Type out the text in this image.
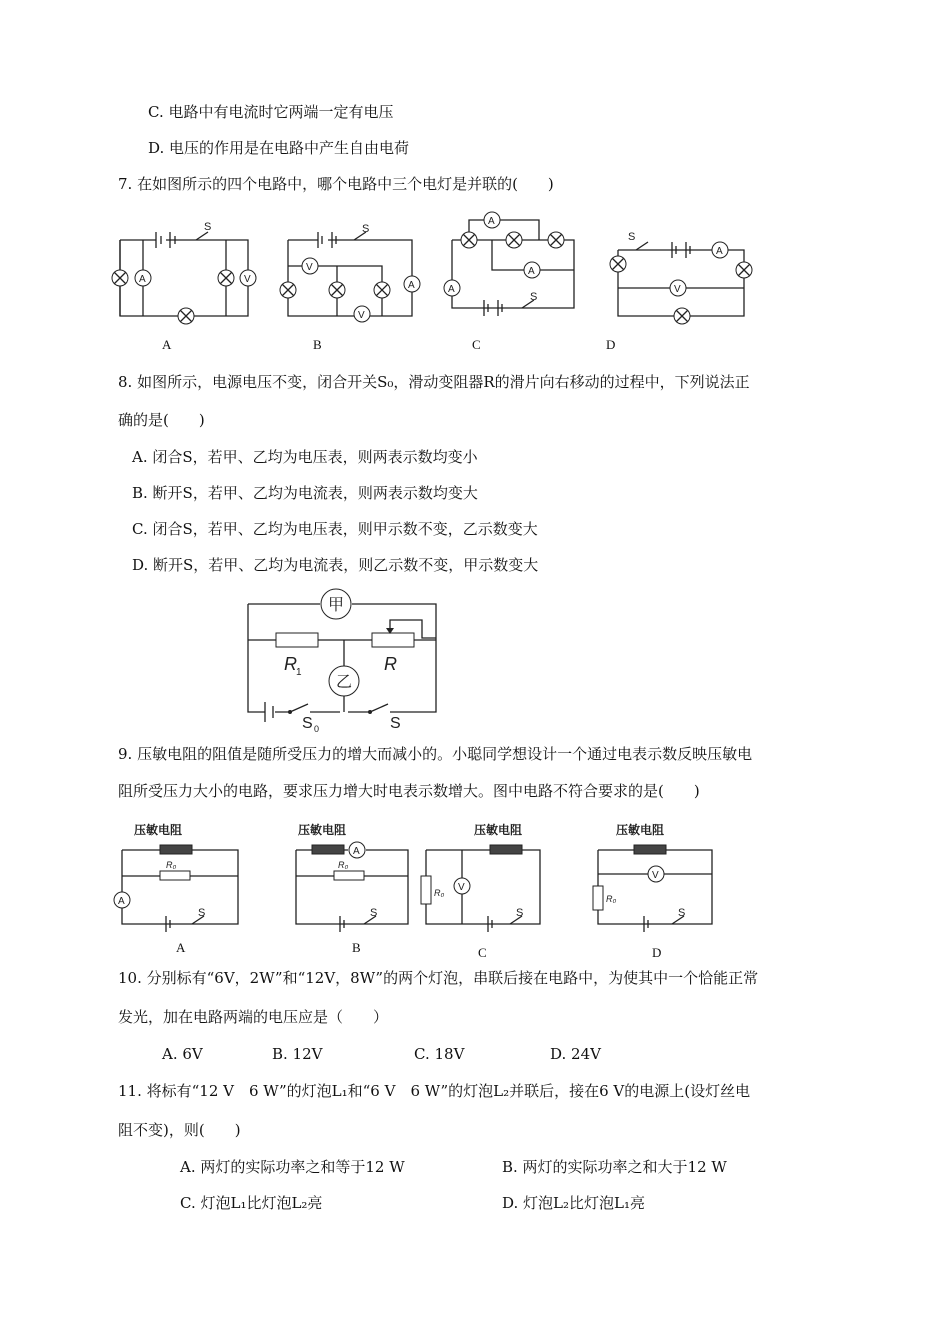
C. 电路中有电流时它两端一定有电压
D. 电压的作用是在电路中产生自由电荷
7. 在如图所示的四个电路中，哪个电路中三个电灯是并联的(　　)
S
A	V
A
S
V
A
V
B
A
A
A
S
C
S
A
V
D
8. 如图所示，电源电压不变，闭合开关S₀，滑动变阻器R的滑片向右移动的过程中，下列说法正
确的是(　　)
A. 闭合S，若甲、乙均为电压表，则两表示数均变小
B. 断开S，若甲、乙均为电流表，则两表示数均变大
C. 闭合S，若甲、乙均为电压表，则甲示数不变，乙示数变大
D. 断开S，若甲、乙均为电流表，则乙示数不变，甲示数变大
甲
R 1	R
乙
S 0	S
9. 压敏电阻的阻值是随所受压力的增大而减小的。小聪同学想设计一个通过电表示数反映压敏电
阻所受压力大小的电路，要求压力增大时电表示数增大。图中电路不符合要求的是(　　)
压敏电阻
R₀
A
S
A
压敏电阻
A
R₀
S
B
压敏电阻
R₀ V
S
C
压敏电阻
V
R₀
S
D
10. 分别标有“6V，2W”和“12V，8W”的两个灯泡，串联后接在电路中，为使其中一个恰能正常
发光，加在电路两端的电压应是（　　）
A. 6V	B. 12V	C. 18V	D. 24V
11. 将标有“12 V　6 W”的灯泡L₁和“6 V　6 W”的灯泡L₂并联后，接在6 V的电源上(设灯丝电
阻不变)，则(　　)
A. 两灯的实际功率之和等于12 W	B. 两灯的实际功率之和大于12 W
C. 灯泡L₁比灯泡L₂亮	D. 灯泡L₂比灯泡L₁亮
